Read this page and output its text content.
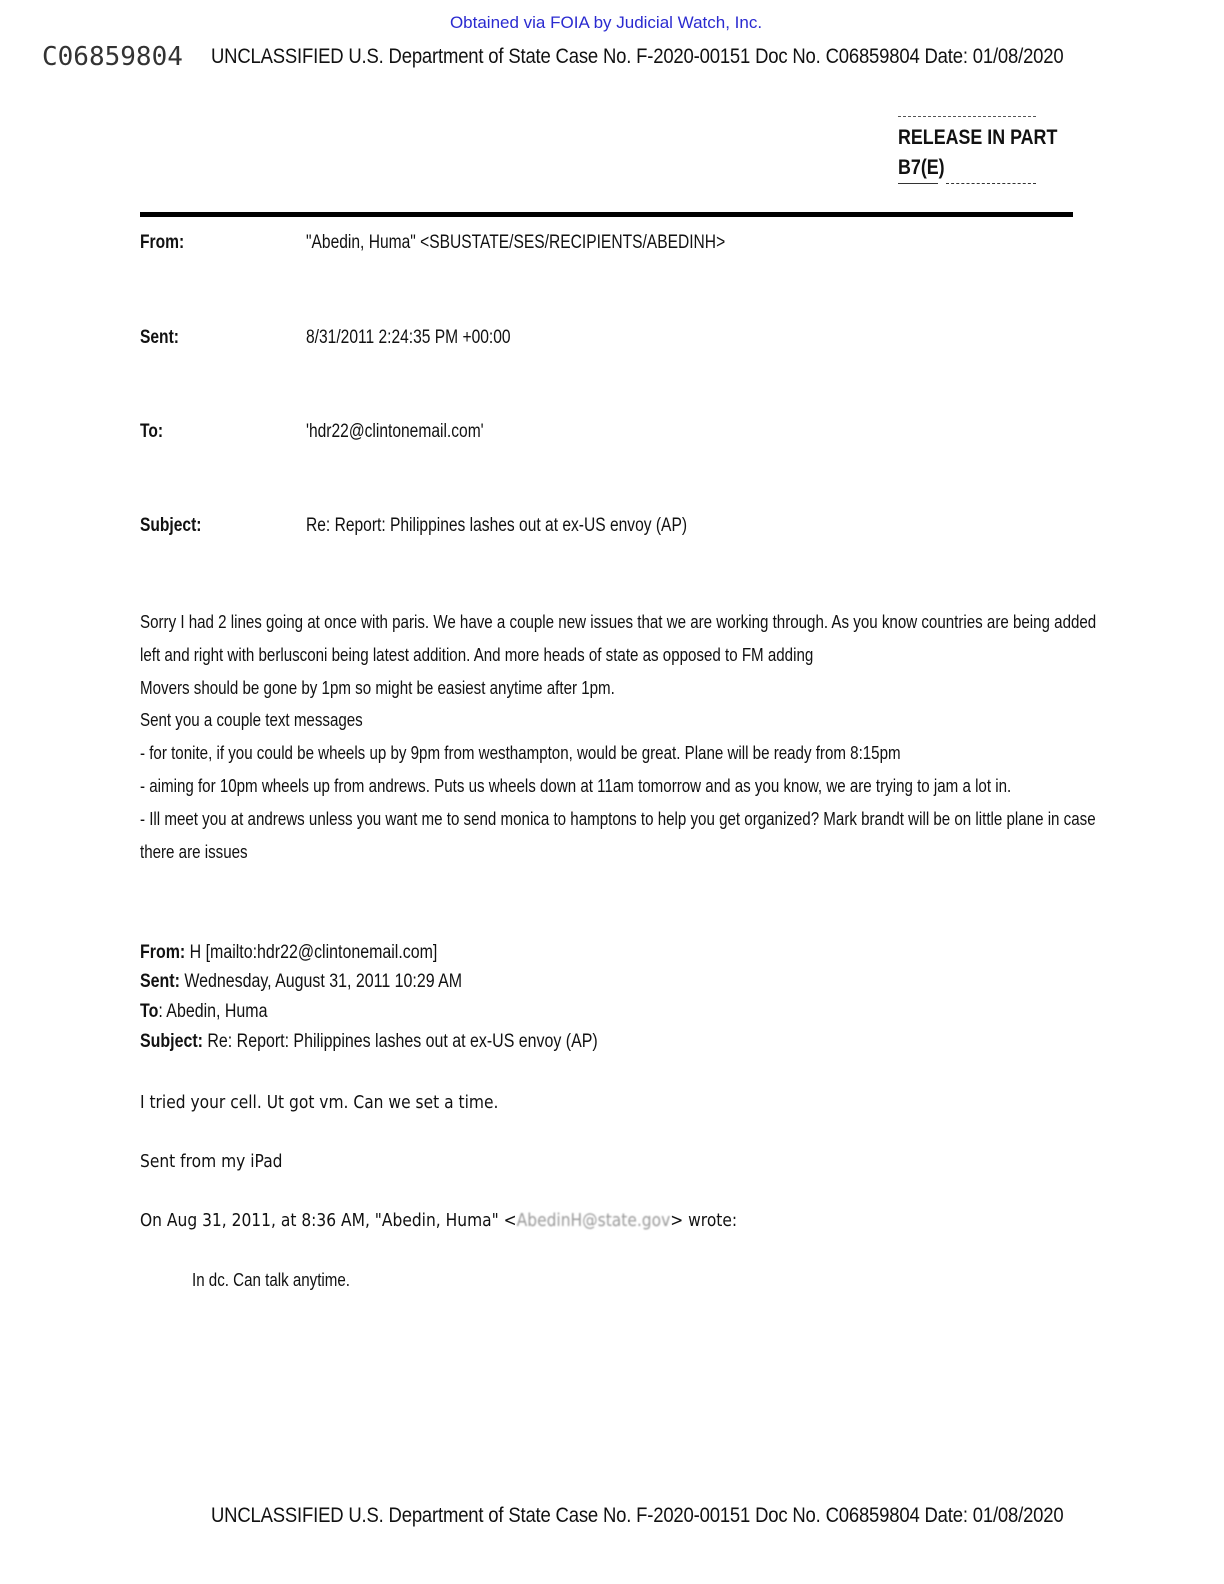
Obtained via FOIA by Judicial Watch, Inc.
C06859804 UNCLASSIFIED U.S. Department of State Case No. F-2020-00151 Doc No. C06859804 Date: 01/08/2020
RELEASE IN PART
B7(E)
From:	"Abedin, Huma" <SBUSTATE/SES/RECIPIENTS/ABEDINH>
Sent:	8/31/2011 2:24:35 PM +00:00
To:	'hdr22@clintonemail.com'
Subject:	Re: Report: Philippines lashes out at ex-US envoy (AP)
Sorry I had 2 lines going at once with paris. We have a couple new issues that we are working through. As you know countries are being added
left and right with berlusconi being latest addition. And more heads of state as opposed to FM adding
Movers should be gone by 1pm so might be easiest anytime after 1pm.
Sent you a couple text messages
- for tonite, if you could be wheels up by 9pm from westhampton, would be great. Plane will be ready from 8:15pm
- aiming for 10pm wheels up from andrews. Puts us wheels down at 11am tomorrow and as you know, we are trying to jam a lot in.
- Ill meet you at andrews unless you want me to send monica to hamptons to help you get organized? Mark brandt will be on little plane in case
there are issues
From: H [mailto:hdr22@clintonemail.com]
Sent: Wednesday, August 31, 2011 10:29 AM
To: Abedin, Huma
Subject: Re: Report: Philippines lashes out at ex-US envoy (AP)
I tried your cell. Ut got vm. Can we set a time.
Sent from my iPad
On Aug 31, 2011, at 8:36 AM, "Abedin, Huma" <AbedinH@state.gov> wrote:
In dc. Can talk anytime.
UNCLASSIFIED U.S. Department of State Case No. F-2020-00151 Doc No. C06859804 Date: 01/08/2020
